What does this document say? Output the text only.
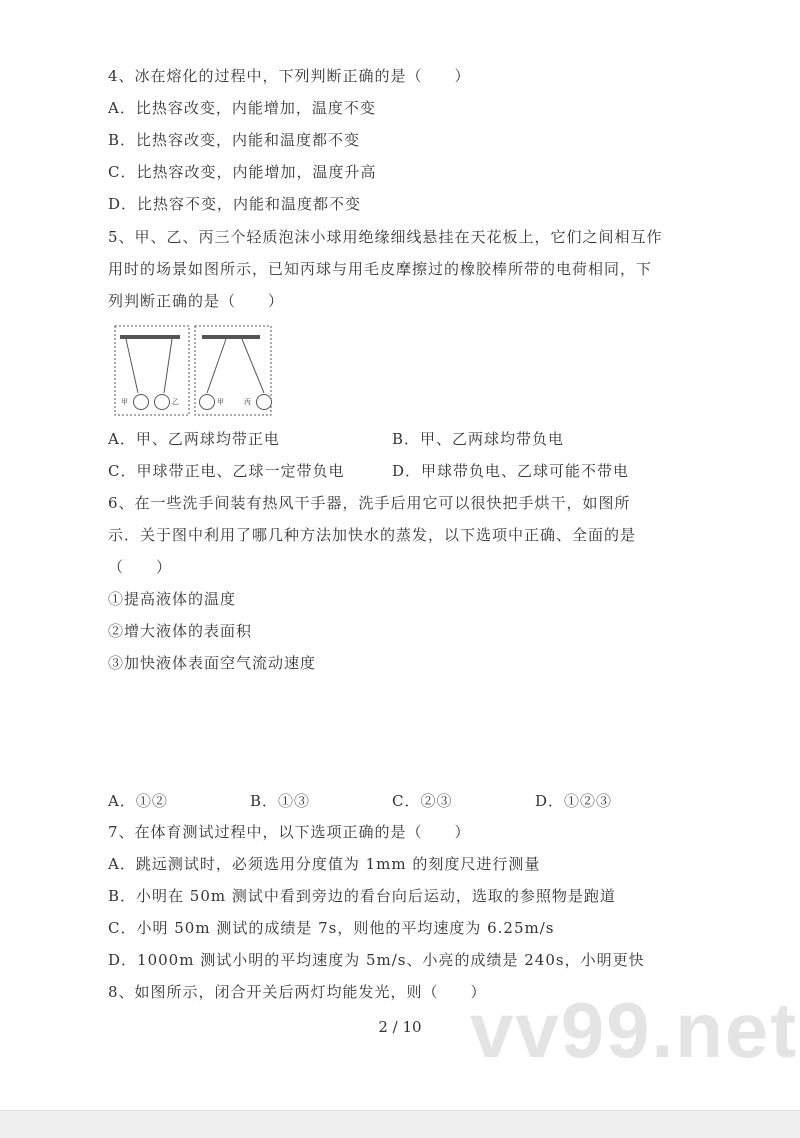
4、冰在熔化的过程中，下列判断正确的是（　　）
A．比热容改变，内能增加，温度不变
B．比热容改变，内能和温度都不变
C．比热容改变，内能增加，温度升高
D．比热容不变，内能和温度都不变
5、甲、乙、丙三个轻质泡沫小球用绝缘细线悬挂在天花板上，它们之间相互作
用时的场景如图所示，已知丙球与用毛皮摩擦过的橡胶棒所带的电荷相同，下
列判断正确的是（　　）
甲	乙	甲	丙
A．甲、乙两球均带正电	B．甲、乙两球均带负电
C．甲球带正电、乙球一定带负电	D．甲球带负电、乙球可能不带电
6、在一些洗手间装有热风干手器，洗手后用它可以很快把手烘干，如图所
示．关于图中利用了哪几种方法加快水的蒸发，以下选项中正确、全面的是
（　　）
①提高液体的温度
②增大液体的表面积
③加快液体表面空气流动速度
A．①②	B．①③	C．②③	D．①②③
7、在体育测试过程中，以下选项正确的是（　　）
A．跳远测试时，必须选用分度值为 1mm 的刻度尺进行测量
B．小明在 50m 测试中看到旁边的看台向后运动，选取的参照物是跑道
C．小明 50m 测试的成绩是 7s，则他的平均速度为 6.25m/s
D．1000m 测试小明的平均速度为 5m/s、小亮的成绩是 240s，小明更快
8、如图所示，闭合开关后两灯均能发光，则（　　）
vv99.net
2 / 10
